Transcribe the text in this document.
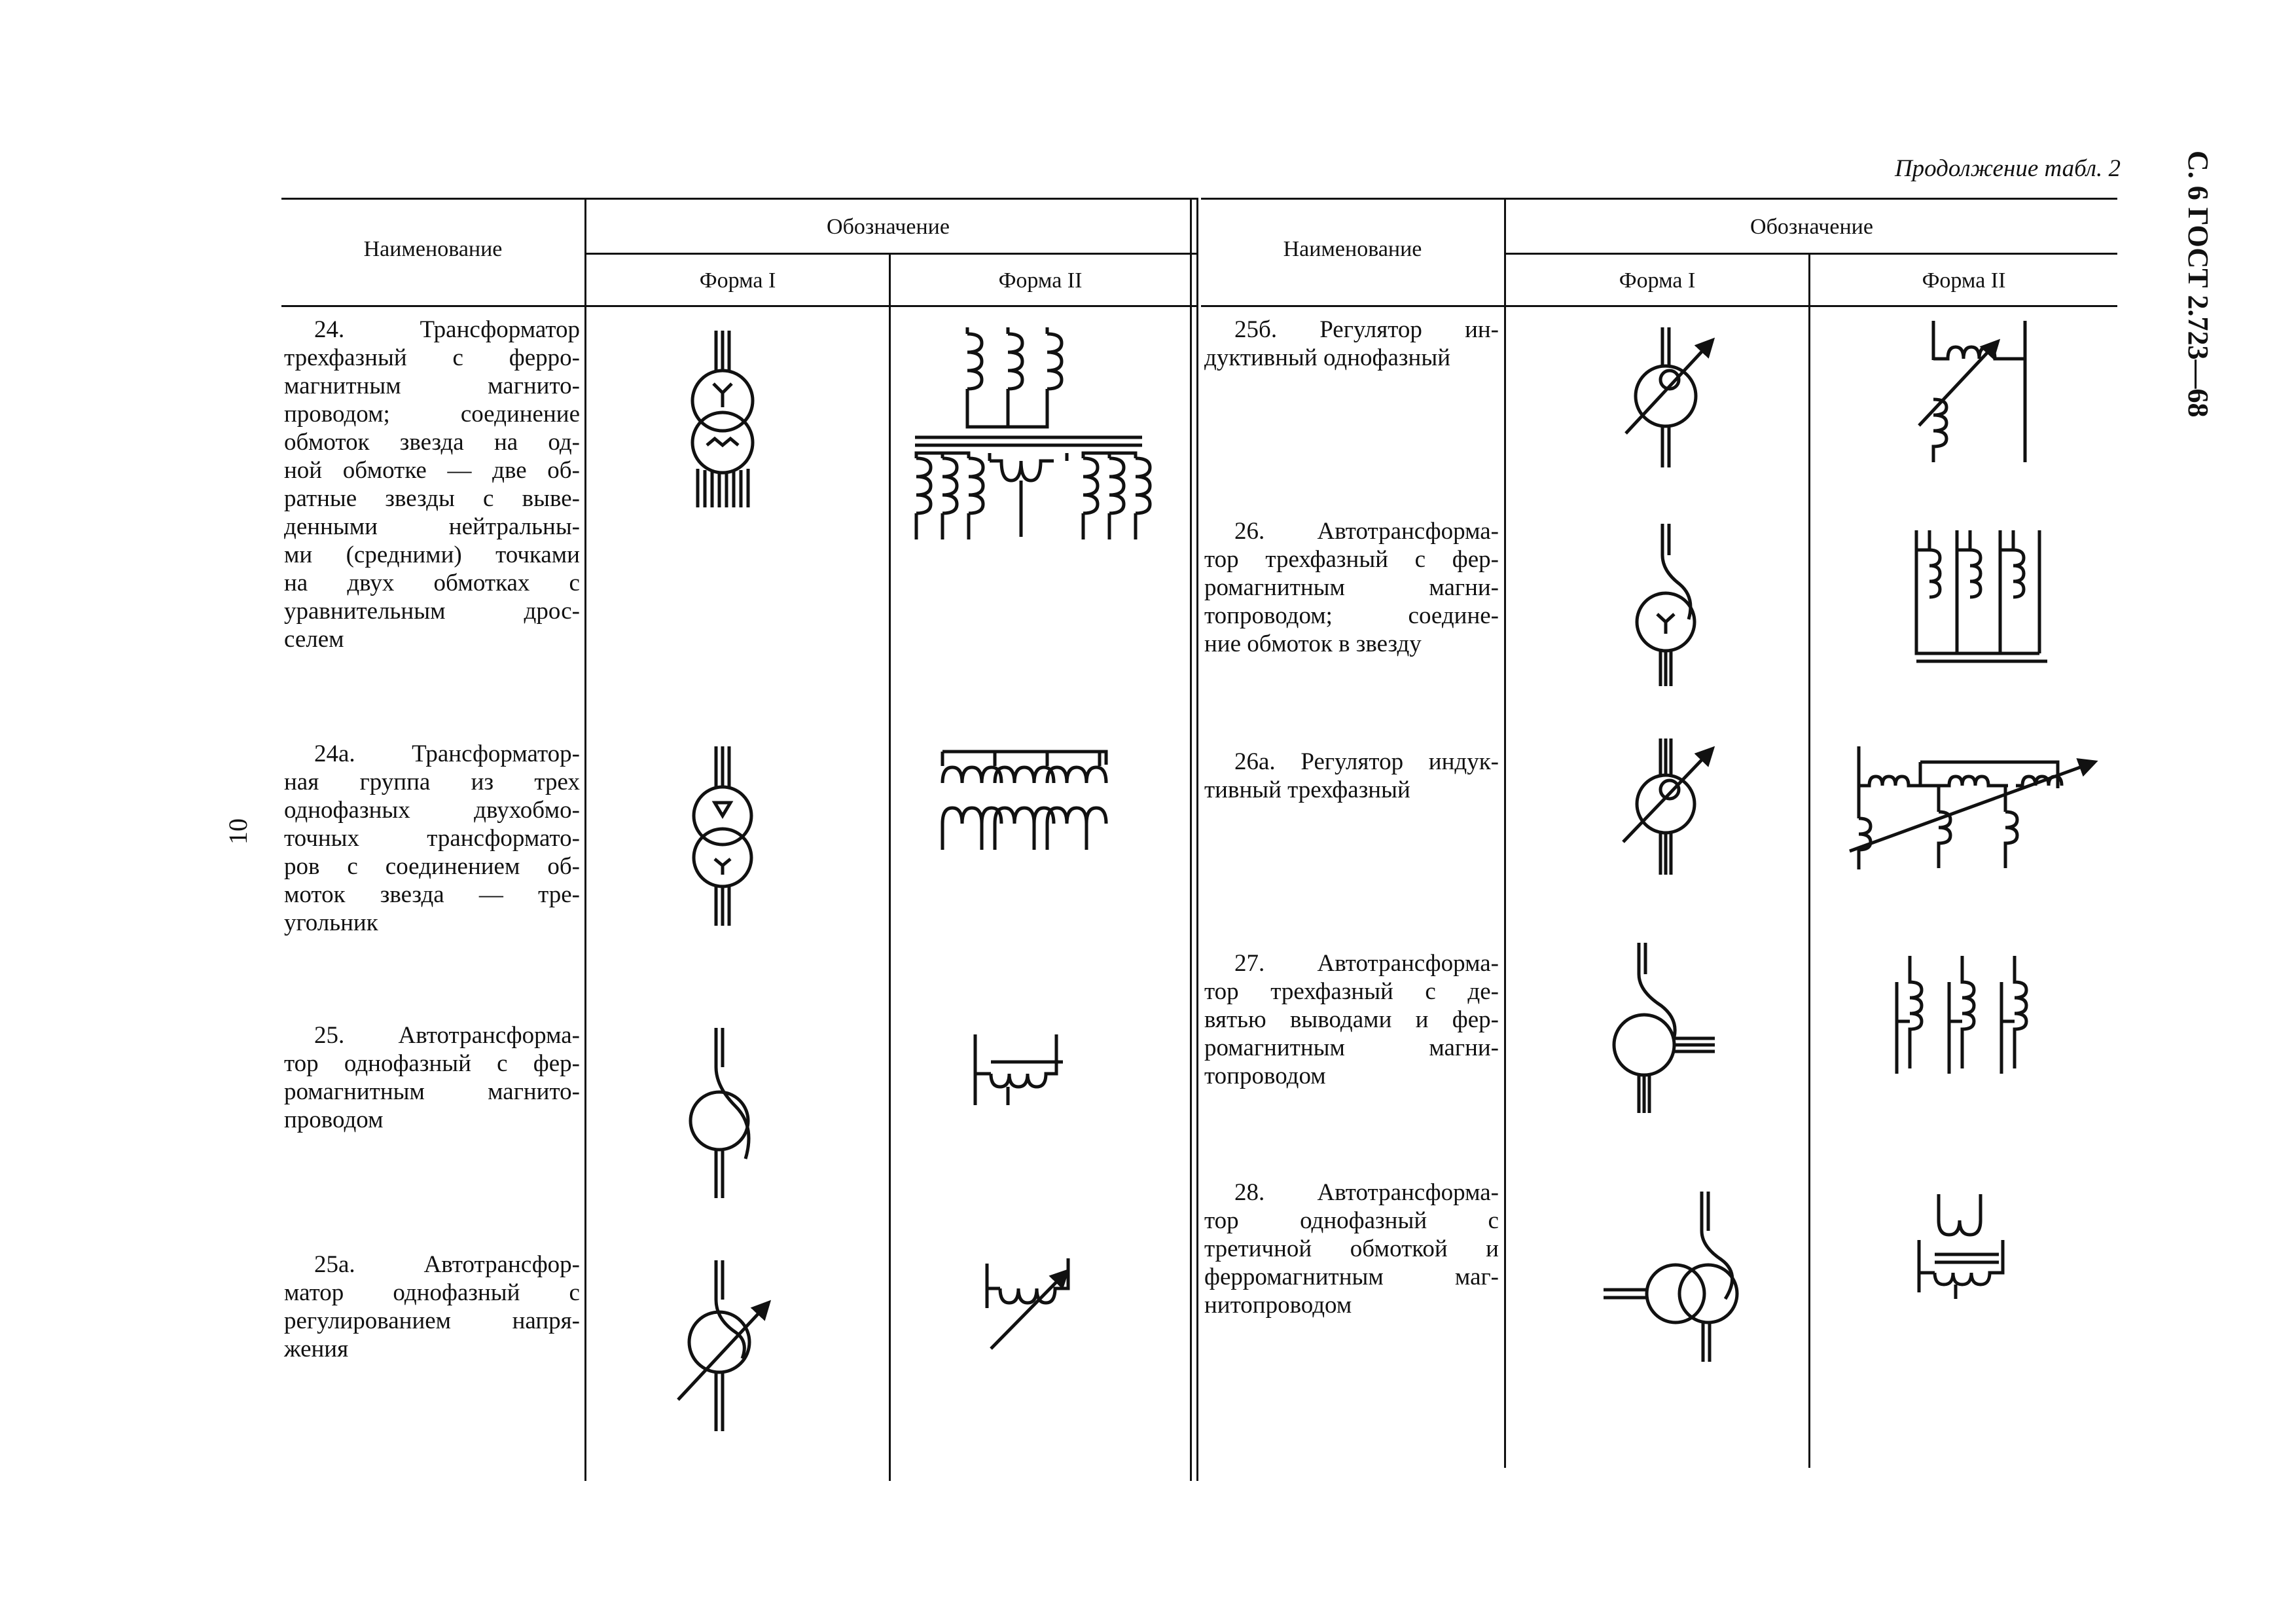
Продолжение табл. 2 С. 6 ГОСТ 2.723—68
10
Наименование
Обозначение
Форма I	Форма II
Наименование
Обозначение
Форма I	Форма II
24.	Трансформатор
трехфазный с ферро-
магнитным	магнито-
проводом;	соединение
обмоток звезда на од-
ной обмотке — две об-
ратные звезды с выве-
денными	нейтральны-
ми (средними) точками
на двух обмотках с
уравнительным	дрос-
селем
24а. Трансформатор-
ная группа из трех
однофазных	двухобмо-
точных	трансформато-
ров с соединением об-
моток звезда — тре-
угольник
25. Автотрансформа-
тор однофазный с фер-
ромагнитным	магнито-
проводом
25а.	Автотрансфор-
матор однофазный с
регулированием	напря-
жения
25б. Регулятор ин-
дуктивный однофазный
26. Автотрансформа-
тор трехфазный с фер-
ромагнитным	магни-
топроводом;	соедине-
ние обмоток в звезду
26а. Регулятор индук-
тивный трехфазный
27. Автотрансформа-
тор трехфазный с де-
вятью выводами и фер-
ромагнитным	магни-
топроводом
28. Автотрансформа-
тор	однофазный	с
третичной обмоткой и
ферромагнитным	маг-
нитопроводом
